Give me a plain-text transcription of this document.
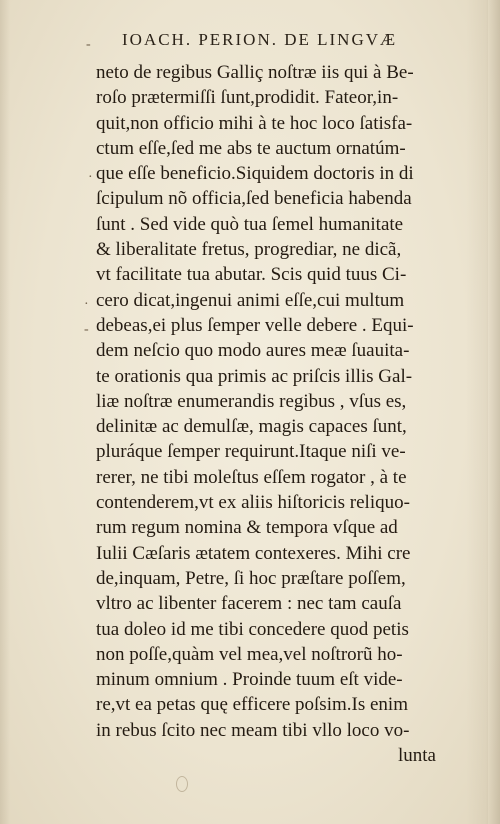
IOACH. PERION. DE LINGVÆ
-
·
·
-
neto de regibus Galliç noſtræ iis qui à Be-
roſo prætermiſſi ſunt,prodidit. Fateor,in-
quit,non officio mihi à te hoc loco ſatisfa-
ctum eſſe,ſed me abs te auctum ornatúm-
que eſſe beneficio.Siquidem doctoris in di
ſcipulum nõ officia,ſed beneficia habenda
ſunt . Sed vide quò tua ſemel humanitate
& liberalitate fretus, progrediar, ne dicã,
vt facilitate tua abutar. Scis quid tuus Ci-
cero dicat,ingenui animi eſſe,cui multum
debeas,ei plus ſemper velle debere . Equi-
dem neſcio quo modo aures meæ ſuauita-
te orationis qua primis ac priſcis illis Gal-
liæ noſtræ enumerandis regibus , vſus es,
delinitæ ac demulſæ, magis capaces ſunt,
pluráque ſemper requirunt.Itaque niſi ve-
rerer, ne tibi moleſtus eſſem rogator , à te
contenderem,vt ex aliis hiſtoricis reliquo-
rum regum nomina & tempora vſque ad
Iulii Cæſaris ætatem contexeres. Mihi cre
de,inquam, Petre, ſi hoc præſtare poſſem,
vltro ac libenter facerem : nec tam cauſa
tua doleo id me tibi concedere quod petis
non poſſe,quàm vel mea,vel noſtrorũ ho-
minum omnium . Proinde tuum eſt vide-
re,vt ea petas quę efficere poſsim.Is enim
in rebus ſcito nec meam tibi vllo loco vo-
lunta
